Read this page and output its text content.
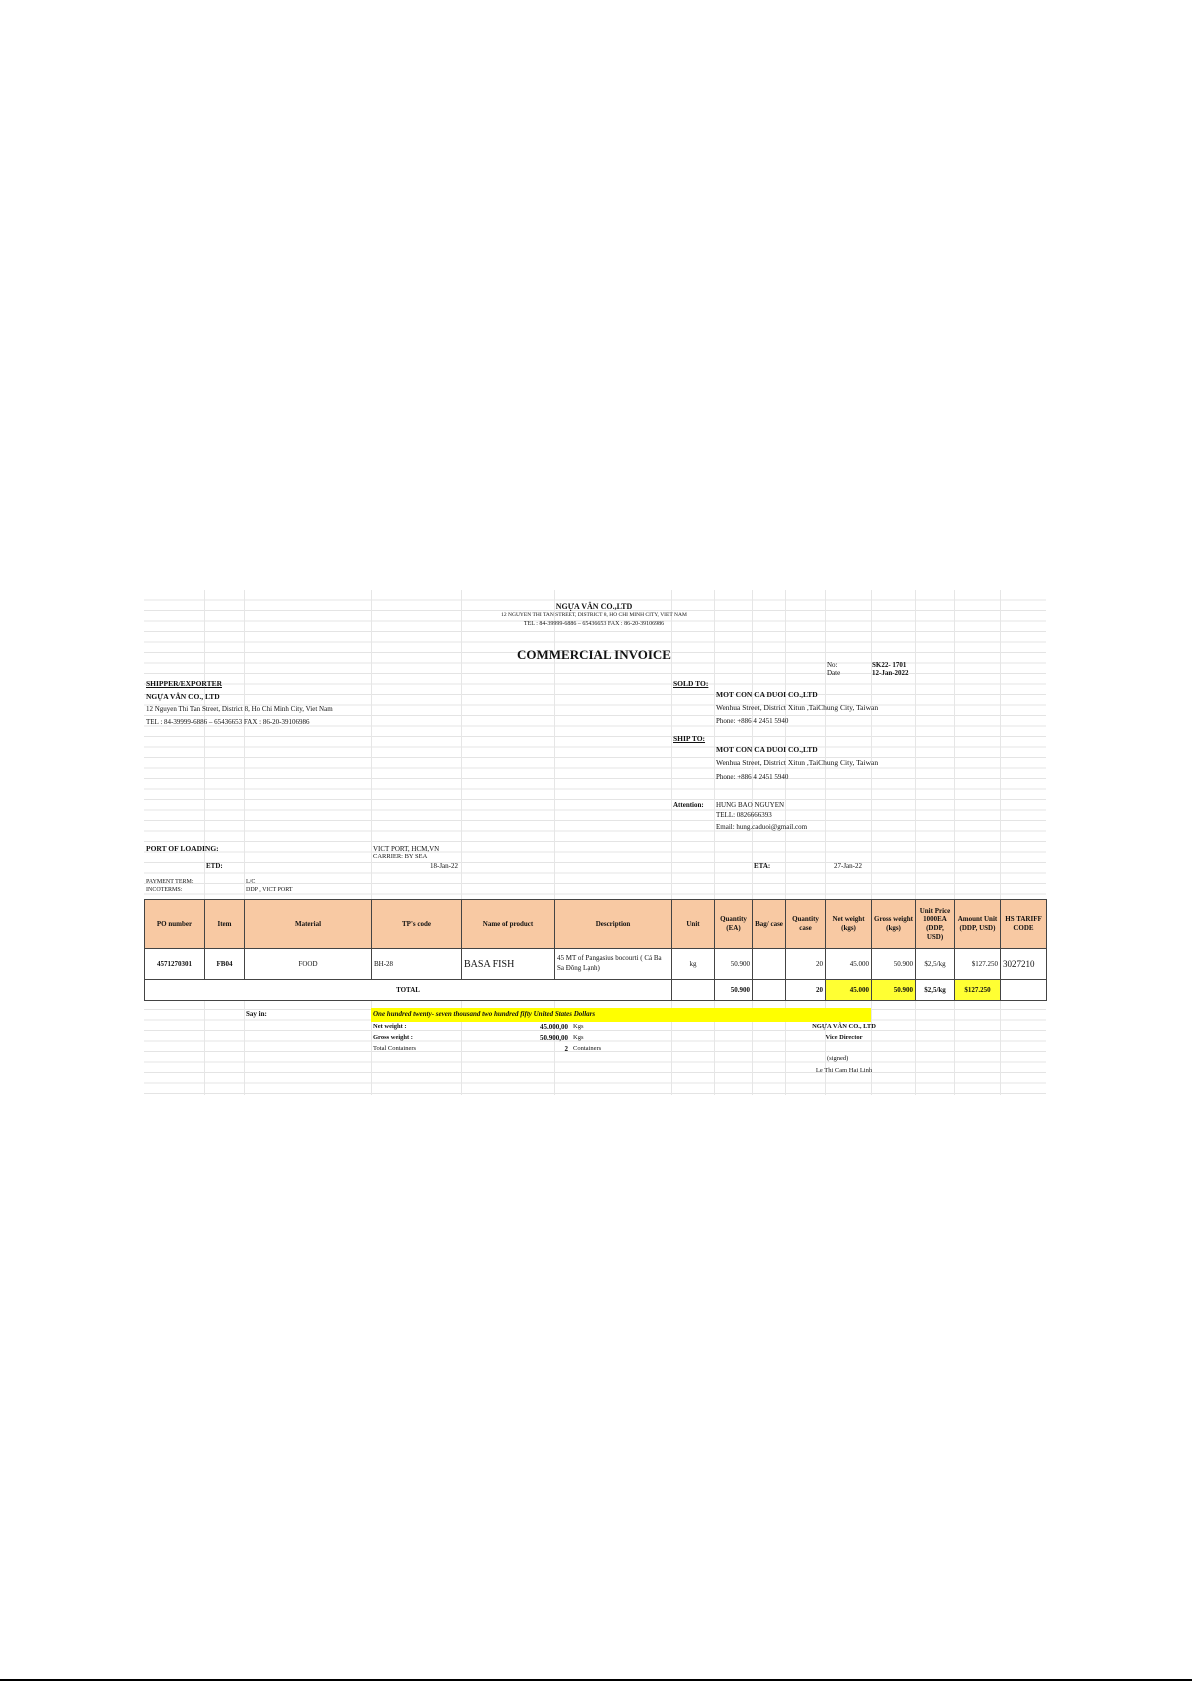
NGỰA VÂN CO.,LTD
12 NGUYEN THI TAN STREET, DISTRICT 8, HO CHI MINH CITY, VIET NAM
TEL : 84-39999-6886 – 65436653 FAX : 86-20-39106986
COMMERCIAL INVOICE
No:	SK22- 1701
Date	12-Jan-2022
SHIPPER/EXPORTER
NGỰA VÂN CO., LTD
12 Nguyen Thi Tan Street, District 8, Ho Chi Minh City, Viet Nam
TEL : 84-39999-6886 – 65436653 FAX : 86-20-39106986
SOLD TO:
MOT CON CA DUOI CO.,LTD
Wenhua Street, District Xitun ,TaiChung City, Taiwan
Phone: +886 4 2451 5940
SHIP TO:
MOT CON CA DUOI CO.,LTD
Wenhua Street, District Xitun ,TaiChung City, Taiwan
Phone: +886 4 2451 5940
Attention: HUNG BAO NGUYEN
TELL: 0826666393
Email: hung.caduoi@gmail.com
PORT OF LOADING:	VICT PORT, HCM,VN
CARRIER: BY SEA
ETD:	18-Jan-22	ETA:	27-Jan-22
PAYMENT TERM:	L/C
INCOTERMS:	DDP , VICT PORT
PO number	Item	Material	TP's code	Name of product	Description	Unit	Quantity (EA)	Bag/ case	Quantity case	Net weight (kgs)	Gross weight (kgs)	Unit Price 1000EA (DDP, USD)	Amount Unit (DDP, USD)	HS TARIFF CODE
4571270301	FB04	FOOD	BH-28	BASA FISH	45 MT of Pangasius bocourti ( Cá Ba Sa Đông Lạnh)	kg	50.900		20	45.000	50.900	$2,5/kg	$127.250	3027210
TOTAL							50.900		20	45.000	50.900	$2,5/kg	$127.250	
Say in:	One hundred twenty- seven thousand two hundred fifty United States Dollars
Net weight :	45.000,00 Kgs
Gross weight :	50.900,00 Kgs
Total Containers	2 Containers
NGỰA VÂN CO., LTD
Vice Director
(signed)
Le Thi Cam Hai Linh
